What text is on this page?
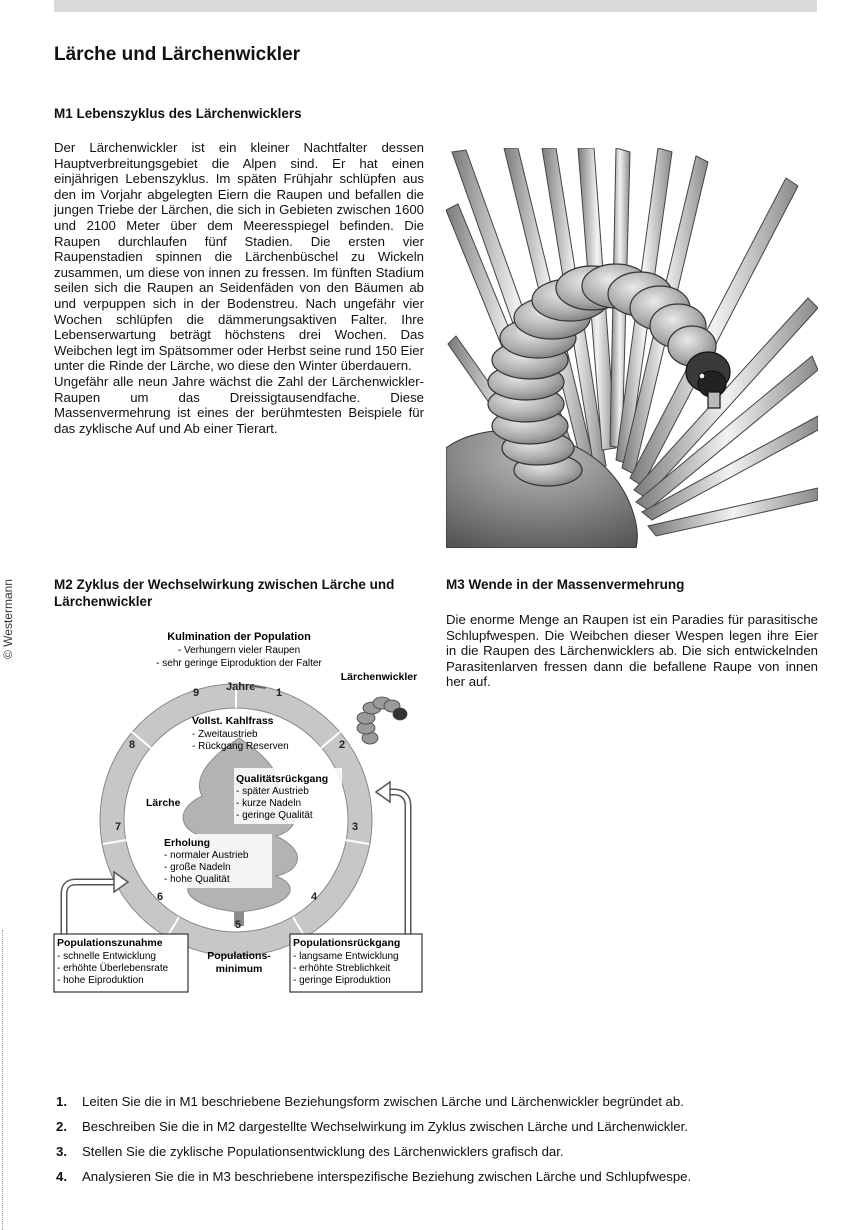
© Westermann
Lärche und Lärchenwickler
M1 Lebenszyklus des Lärchenwicklers

Der Lärchenwickler ist ein kleiner Nachtfalter dessen Hauptverbreitungsgebiet die Alpen sind. Er hat einen einjährigen Lebenszyklus. Im späten Frühjahr schlüpfen aus den im Vorjahr abgelegten Eiern die Raupen und befallen die jungen Triebe der Lärchen, die sich in Gebieten zwischen 1600 und 2100 Meter über dem Meeresspiegel befinden. Die Raupen durchlaufen fünf Stadien. Die ersten vier Raupenstadien spinnen die Lärchenbüschel zu Wickeln zusammen, um diese von innen zu fressen. Im fünften Stadium seilen sich die Raupen an Seidenfäden von den Bäumen ab und verpuppen sich in der Bodenstreu. Nach ungefähr vier Wochen schlüpfen die dämmerungsaktiven Falter. Ihre Lebenserwartung beträgt höchstens drei Wochen. Das Weibchen legt im Spätsommer oder Herbst seine rund 150 Eier unter die Rinde der Lärche, wo diese den Winter überdauern.

Ungefähr alle neun Jahre wächst die Zahl der Lärchenwickler-Raupen um das Dreissigtausendfache. Diese Massenvermehrung ist eines der berühmtesten Beispiele für das zyklische Auf und Ab einer Tierart.

M2 Zyklus der Wechselwirkung zwischen Lärche und Lärchenwickler
1
2
3
4
5
6
7
8
9 Jahre
Kulmination der Population
- Verhungern vieler Raupen
- sehr geringe Eiproduktion der Falter
Lärchenwickler
Vollst. Kahlfrass
- Zweitaustrieb
- Rückgang Reserven
Qualitätsrückgang
- später Austrieb
- kurze Nadeln
- geringe Qualität
Lärche
Erholung
- normaler Austrieb
- große Nadeln
- hohe Qualität
Populationszunahme
- schnelle Entwicklung
- erhöhte Überlebensrate
- hohe Eiproduktion
Populations-
minimum
Populationsrückgang
- langsame Entwicklung
- erhöhte Streblichkeit
- geringe Eiproduktion
M3 Wende in der Massenvermehrung
Die enorme Menge an Raupen ist ein Paradies für parasitische Schlupfwespen. Die Weibchen dieser Wespen legen ihre Eier in die Raupen des Lärchenwicklers ab. Die sich entwickelnden Parasitenlarven fressen dann die befallene Raupe von innen her auf.
1. Leiten Sie die in M1 beschriebene Beziehungsform zwischen Lärche und Lärchenwickler begründet ab.
2. Beschreiben Sie die in M2 dargestellte Wechselwirkung im Zyklus zwischen Lärche und Lärchenwickler.
3. Stellen Sie die zyklische Populationsentwicklung des Lärchenwicklers grafisch dar.
4. Analysieren Sie die in M3 beschriebene interspezifische Beziehung zwischen Lärche und Schlupfwespe.
